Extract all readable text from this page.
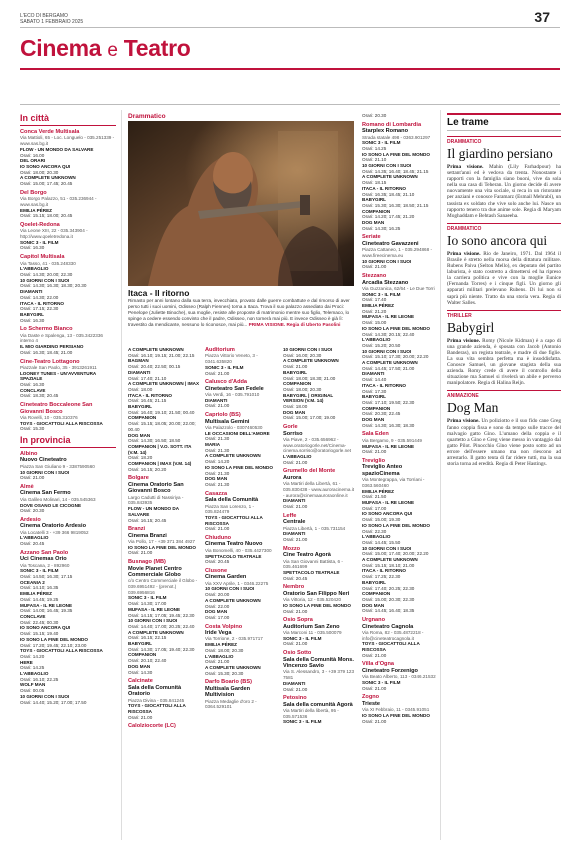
L'ECO DI BERGAMO
SABATO 1 FEBBRAIO 2025	37
Cinema e Teatro
In città
Conca Verde Multisala
Via Mattioli, 65 - Loc. Longuelo - 035.251339 - www.sas.bg.it
FLOW - UN MONDO DA SALVARE
Orari: 16.00
DEL ORARI
IO SONO ANCORA QUI
Orari: 18.00; 20.30
A COMPLETE UNKNOWN
Orari: 15.00; 17.45; 20.45
Del Borgo
Via Borgo Palazzo, 51 - 035.236944 - www.sas.bg.it
EMILIA PÉREZ
Orari: 15.15; 18.00; 20.45
Qoelet-Redona
Via Leone XIII, 22 - 035.343904 - http://www.qoeletredona.it
SONIC 3 - IL FILM
Orari: 16.30
Capitol Multisala
Via Tasso, 41 - 035.248330
L'ABBAGLIO
Orari: 14.30; 20.00; 22.30
10 GIORNI CON I SUOI
Orari: 14.30; 16.30; 18.30; 20.30
DIAMANTI
Orari: 14.30; 22.00
ITACA - IL RITORNO
Orari: 17.15; 22.30
BABYGIRL
Orari: 16.30
Lo Schermo Bianco
Via Daste e Spalenga, 13 - 035.3422336 interno 4
IL MIO GIARDINO PERSIANO
Orari: 16.30; 18.45; 21.00
Cine-Teatro Lottagono
Piazzale San Paolo, 35 - 3913261911
LOONEY TUNES - UN'AVVENTURA SPAZIALE
Orari: 16.30
CONCLAVE
Orari: 18.30; 20.45
Cineteatro Boccaleone San Giovanni Bosco
Via Rovelli, 10 - 035.310376
TOYS - GIOCATTOLI ALLA RISCOSSA
Orari: 15.30
In provincia
Albino
Nuovo Cineteatro
Piazza San Giuliano 9 - 3387590560
10 GIORNI CON I SUOI
Orari: 21.00
Almè
Cinema San Fermo
Via Galileo Molinari, 14 - 035.545363
DOVE OSANO LE CICOGNE
Orari: 20.30
Ardesio
Cinema Oratorio Ardesio
Via Locatelli 3 - +39 366 9819052
L'ABBAGLIO
Orari: 20.45
Azzano San Paolo
Uci Cinemas Orio
Via Toscana, 2 - 892960
SONIC 3 - IL FILM
Orari: 14.50; 16.30; 17.15
OCEANIA 2
Orari: 14.10; 16.35
EMILIA PÉREZ
Orari: 14.45; 19.25
MUFASA - IL RE LEONE
Orari: 14.00; 16.45; 19.35
CONCLAVE
Orari: 22.45; 00.30
IO SONO ANCORA QUI
Orari: 15.15; 19.40
IO SONO LA FINE DEL MONDO
Orari: 17.20; 19.45; 22.10; 23.00
TOYS - GIOCATTOLI ALLA RISCOSSA
Orari: 14.20
HERE
Orari: 14.25
L'ABBAGLIO
Orari: 16.10; 22.25
WOLF MAN
Orari: 00.05
10 GIORNI CON I SUOI
Orari: 14.40; 15.20; 17.00; 17.50
Drammatico
Itaca - Il ritorno
Rimasto per anni lontano dalla sua terra, invecchiato, provato dalle guerre combattute e dal rimorso di aver perso tutti i suoi uomini, Odisseo (Ralph Fiennes) torna a Itaca. Trova il suo palazzo assediato dai Proci: Penelope (Juliette Binoche), sua moglie, resiste alle proposte di matrimonio mentre suo figlio, Telemaco, lo spinge a cedere essendo convinto che il padre, Odisseo, non tornerà mai più. E invece Odisseo è già lì: travestito da mendicante, nessuno lo riconosce, mai più... PRIMA VISIONE. Regia di Uberto Pasolini
A COMPLETE UNKNOWN
Orari: 16.10; 19.15; 21.00; 22.15
BAGMAN
Orari: 20.40; 22.50; 00.15
DIAMANTI
Orari: 17.40; 21.10
A COMPLETE UNKNOWN | IMAX
Orari: 18.00
ITACA - IL RITORNO
Orari: 16.45; 21.15
BABYGIRL
Orari: 16.40; 19.10; 21.50; 00.40
COMPANION
Orari: 15.15; 18.05; 20.00; 22.00; 00.40
DOG MAN
Orari: 14.30; 16.50; 18.50
COMPANION | V.O. SOTT. ITA (V.M. 14)
Orari: 18.20
COMPANION | IMAX (V.M. 14)
Orari: 16.15; 20.20
Bolgare
Cinema Oratorio San Giovanni Bosco
Largo Cadutti di Nassiriya - 035.843935
FLOW - UN MONDO DA SALVARE
Orari: 16.15; 20.45
Branzi
Cinema Branzi
Via Pollo, 17 - +39 371 384 4927
IO SONO LA FINE DEL MONDO
Orari: 21.00
Busnago (MB)
Movie Planet Centro Commerciale Globo
c/o Centro Commerciale il Globo - 039.6951492 - (prenot.) 039.6956816
SONIC 3 - IL FILM
Orari: 14.30; 17.00
MUFASA - IL RE LEONE
Orari: 14.15; 17.05; 19.45; 22.30
10 GIORNI CON I SUOI
Orari: 14.40; 17.00; 20.25; 22.40
A COMPLETE UNKNOWN
Orari: 16.15; 22.15
BABYGIRL
Orari: 14.30; 17.05; 19.40; 22.30
COMPANION
Orari: 20.10; 22.40
DOG MAN
Orari: 14.30
Calcinate
Sala della Comunità Oratorio
Piazza Divina - 035.841245
TOYS - GIOCATTOLI ALLA RISCOSSA
Orari: 21.00
Calolziocorte (LC)
Auditorium
Piazza Vittorio Veneto, 3 - 0341.635820
SONIC 3 - IL FILM
Orari: 21.00
Calusco d'Adda
Cineteatro San Fedele
Via Verdi, 16 - 035.791010
DIAMANTI
Orari: 21.00
Capriolo (BS)
Multisala Gemini
Via Palazzolo - 0307460530
LE OCCASIONI DELL'AMORE
Orari: 21.30
MARIA
Orari: 21.30
A COMPLETE UNKNOWN
Orari: 14.20
IO SONO LA FINE DEL MONDO
Orari: 21.30
DOG MAN
Orari: 21.30
Casazza
Sala della Comunità
Piazza San Lorenzo, 1 - 035.824479
TOYS - GIOCATTOLI ALLA RISCOSSA
Orari: 21.00
Chiuduno
Cinema Teatro Nuovo
Via Bonomelli, 40 - 035.4427300
SPETTACOLO TEATRALE
Orari: 20.45
Clusone
Cinema Garden
Via XXV Aprile, 1 - 0346.22275
10 GIORNI CON I SUOI
Orari: 20.00
A COMPLETE UNKNOWN
Orari: 22.00
DOG MAN
Orari: 17.00
Costa Volpino
Iride Vega
Via Torrione, 2 - 035.971717
EMILIA PÉREZ
Orari: 18.00; 20.30
L'ABBAGLIO
Orari: 21.00
A COMPLETE UNKNOWN
Orari: 15.30; 20.30
Darfo Boario (BS)
Multisala Garden Multivision
Piazza Medaglie d'oro 2 - 0364.529101
10 GIORNI CON I SUOI
Orari: 16.00; 20.30
A COMPLETE UNKNOWN
Orari: 21.00
BABYGIRL
Orari: 18.00; 18.30; 21.00
COMPANION
Orari: 18.00; 20.30
BABYGIRL | ORIGINAL VERSION (V.M. 14)
Orari: 18.00
DOG MAN
Orari: 15.00; 17.00; 19.00
Gorle
Sorriso
Via Piave, 2 - 035.656962 - www.oratoriogorle.net/Cinema-cinema.sorriso@oratoriogorle.net
L'ABBAGLIO
Orari: 21.00
Grumello del Monte
Aurora
Via Martiri della Libertà, 61 - 035.830438 - www.auroracinema.it - aurora@cinemaauroraonline.it
DIAMANTI
Orari: 21.00
Leffe
Centrale
Piazza Libertà, 1 - 035.731154
DIAMANTI
Orari: 21.00
Mozzo
Cine Teatro Agorà
Via San Giovanni Battista, 6 - 035.461699
SPETTACOLO TEATRALE
Orari: 20.45
Nembro
Oratorio San Filippo Neri
Via Vittoria, 12 - 035.520420
IO SONO LA FINE DEL MONDO
Orari: 21.00
Osio Sopra
Auditorium San Zeno
Via Marconi 11 - 035.500079
SONIC 3 - IL FILM
Orari: 21.00
Osio Sotto
Sala della Comunità Mons. Vincenzo Savio
Via S. Alessandro, 3 - +39 379 123 7581
DIAMANTI
Orari: 21.00
Petosino
Sala della comunità Agorà
Via Martiri della libertà, 95 - 035.571536
SONIC 3 - IL FILM
Orari: 20.30
Romano di Lombardia
Starplex Romano
Strada statale 498 - 0363.901297
SONIC 3 - IL FILM
Orari: 14.25
IO SONO LA FINE DEL MONDO
Orari: 21.10
10 GIORNI CON I SUOI
Orari: 14.35; 16.40; 18.45; 21.15
A COMPLETE UNKNOWN
Orari: 18.15
ITACA - IL RITORNO
Orari: 16.35; 18.45; 21.10
BABYGIRL
Orari: 15.30; 16.30; 18.50; 21.15
COMPANION
Orari: 14.20; 17.45; 21.20
DOG MAN
Orari: 14.30; 16.25
Seriate
Cineteatro Gavazzeni
Piazza Cattaneo, 1 - 035.294868 - www.fireecinema.eu
10 GIORNI CON I SUOI
Orari: 21.00
Stezzano
Arcadia Stezzano
Via Guzzanica, 62/64 - Le Due Torri
SONIC 3 - IL FILM
Orari: 17.40
EMILIA PÉREZ
Orari: 21.20
MUFASA - IL RE LEONE
Orari: 15.00
IO SONO LA FINE DEL MONDO
Orari: 14.30; 20.15; 22.40
L'ABBAGLIO
Orari: 15.20; 20.50
10 GIORNI CON I SUOI
Orari: 15.10; 17.30; 20.00; 22.20
A COMPLETE UNKNOWN
Orari: 14.45; 17.50; 21.00
DIAMANTI
Orari: 14.40
ITACA - IL RITORNO
Orari: 17.30
BABYGIRL
Orari: 17.10; 19.50; 22.30
COMPANION
Orari: 20.30; 22.45
DOG MAN
Orari: 14.30; 16.30; 18.30
Sala Eden
Via Bergamo, 9 - 035.591449
MUFASA - IL RE LEONE
Orari: 21.00
Treviglio
Treviglio Anteo spazioCinema
Via Montegrappa, via Torriani - 0363.560460
EMILIA PÉREZ
Orari: 21.50
MUFASA - IL RE LEONE
Orari: 17.00
IO SONO ANCORA QUI
Orari: 15.00; 19.30
IO SONO LA FINE DEL MONDO
Orari: 22.30
L'ABBAGLIO
Orari: 14.45; 15.50
10 GIORNI CON I SUOI
Orari: 15.00; 17.40; 20.00; 22.20
A COMPLETE UNKNOWN
Orari: 15.15; 18.10; 21.00
ITACA - IL RITORNO
Orari: 17.25; 22.30
BABYGIRL
Orari: 17.40; 20.25; 22.30
COMPANION
Orari: 15.00; 20.30; 22.30
DOG MAN
Orari: 14.45; 16.40; 18.35
Urgnano
Cineteatro Cagnola
Via Roma, 82 - 035.4872218 - info@cineteatrocagnola.it
TOYS - GIOCATTOLI ALLA RISCOSSA
Orari: 21.00
Villa d'Ogna
Cineteatro Forzenigo
Via Beato Alberto, 113 - 0346.21532
SONIC 3 - IL FILM
Orari: 21.00
Zogno
Trieste
Via XI Febbraio, 11 - 0345.91051
IO SONO LA FINE DEL MONDO
Orari: 21.00
Le trame
DRAMMATICO
Il giardino persiano
Prima visione. Mahin (Lily Farhadpour) ha settant'anni ed è vedova da trenta. Nonostante i rapporti con la famiglia siano buoni, vive da sola nella sua casa di Teheran. Un giorno decide di avere nuovamente una vita sociale, si reca in un ristorante per anziani e conosce Faramarz (Esmail Mehrabi), un tassista ex soldato che vive solo anche lui. Nasce un rapporto tenero tra due anime sole. Regia di Maryam Moghaddam e Behtash Sanaeeha.
DRAMMATICO
Io sono ancora qui
Prima visione. Rio de Janeiro, 1971. Dal 1964 il Brasile è stretto nella morsa della dittatura militare. Rubens Paiva (Selton Mello), ex deputato del partito laburista, è stato costretto a dimettersi ed ha ripreso la carriera politica e vive con la moglie Eunice (Fernanda Torres) e i cinque figli. Un giorno gli apparati militari prelevano Rubens. Di lui non si saprà più niente. Tratto da una storia vera. Regia di Walter Salles.
THRILLER
Babygirl
Prima visione. Romy (Nicole Kidman) è a capo di una grande azienda, è sposata con Jacob (Antonio Banderas), un regista teatrale, e madre di due figlie. La sua vita sembra perfetta ma è insoddisfatta. Conosce Samuel, un giovane stagista della sua azienda. Romy crede di avere il controllo della situazione ma Samuel si rivelerà un abile e perverso manipolatore. Regia di Halina Reijn.
ANIMAZIONE
Dog Man
Prima visione. Un poliziotto e il suo fido cane Greg fanno coppia fissa e sono da tempo sulle tracce del malvagio gatto Gino. L'umano della coppia e il quartetto a Gino e Greg viene messo in vantaggio dal gatto Pilot. Pinocchio Gino viene posto sotto ad un errore dell'essere umano ma non riescono ad arrestarlo. Il gatto tenta di far ridere tutti, ma la sua storia torna ad eredità. Regia di Peter Hastings.
